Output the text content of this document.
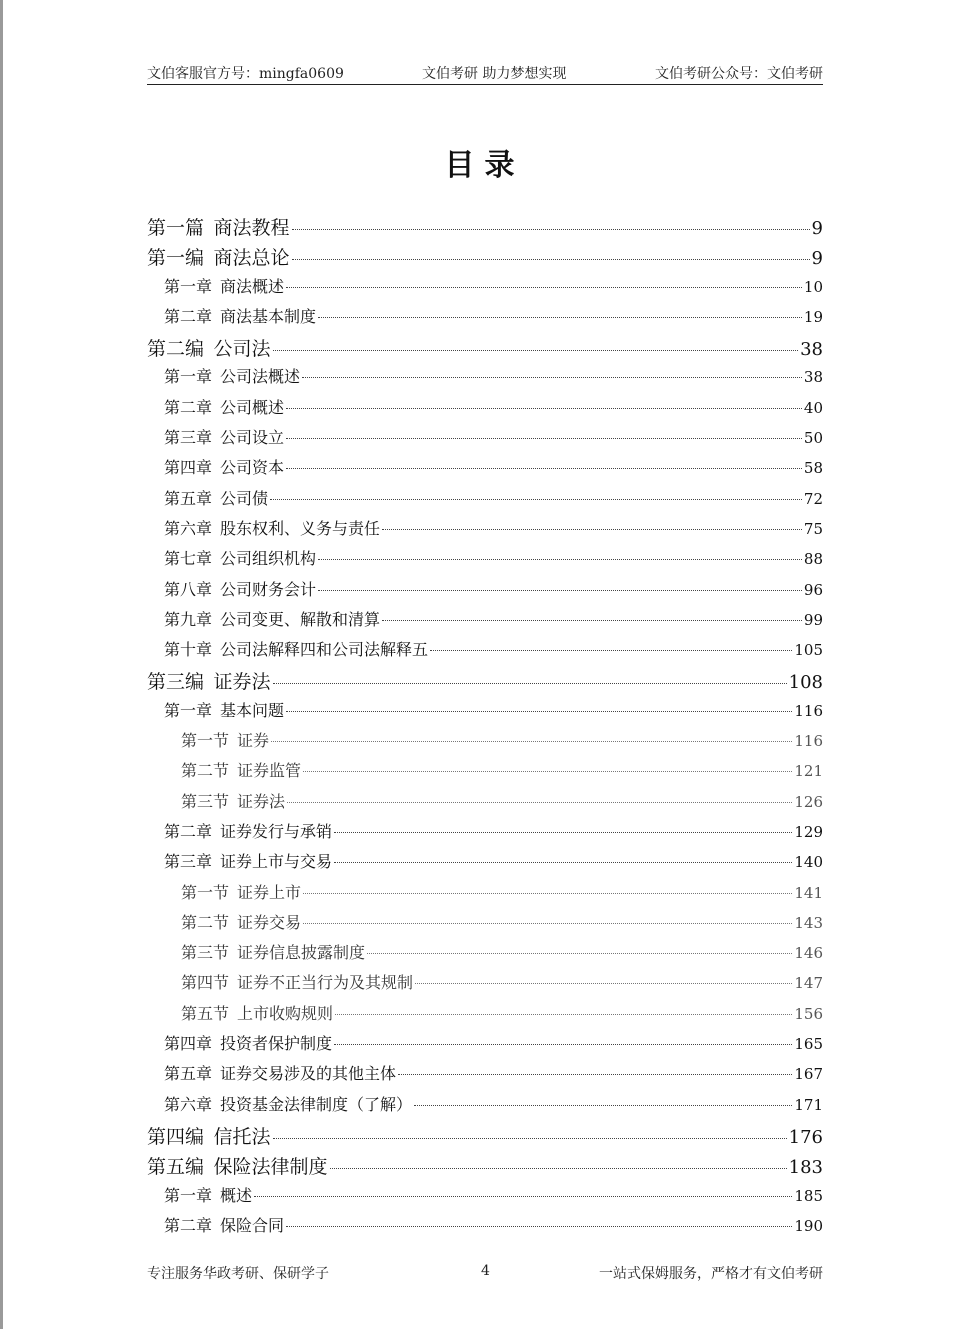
文伯客服官方号：mingfa0609	文伯考研 助力梦想实现	文伯考研公众号：文伯考研
目录
第一篇 商法教程	9
第一编 商法总论	9
第一章 商法概述	10
第二章 商法基本制度	19
第二编 公司法	38
第一章 公司法概述	38
第二章 公司概述	40
第三章 公司设立	50
第四章 公司资本	58
第五章 公司债	72
第六章 股东权利、义务与责任	75
第七章 公司组织机构	88
第八章 公司财务会计	96
第九章 公司变更、解散和清算	99
第十章 公司法解释四和公司法解释五	105
第三编 证券法	108
第一章 基本问题	116
第一节 证券	116
第二节 证券监管	121
第三节 证券法	126
第二章 证券发行与承销	129
第三章 证券上市与交易	140
第一节 证券上市	141
第二节 证券交易	143
第三节 证券信息披露制度	146
第四节 证券不正当行为及其规制	147
第五节 上市收购规则	156
第四章 投资者保护制度	165
第五章 证券交易涉及的其他主体	167
第六章 投资基金法律制度（了解）	171
第四编 信托法	176
第五编 保险法律制度	183
第一章 概述	185
第二章 保险合同	190
专注服务华政考研、保研学子	4	一站式保姆服务，严格才有文伯考研
